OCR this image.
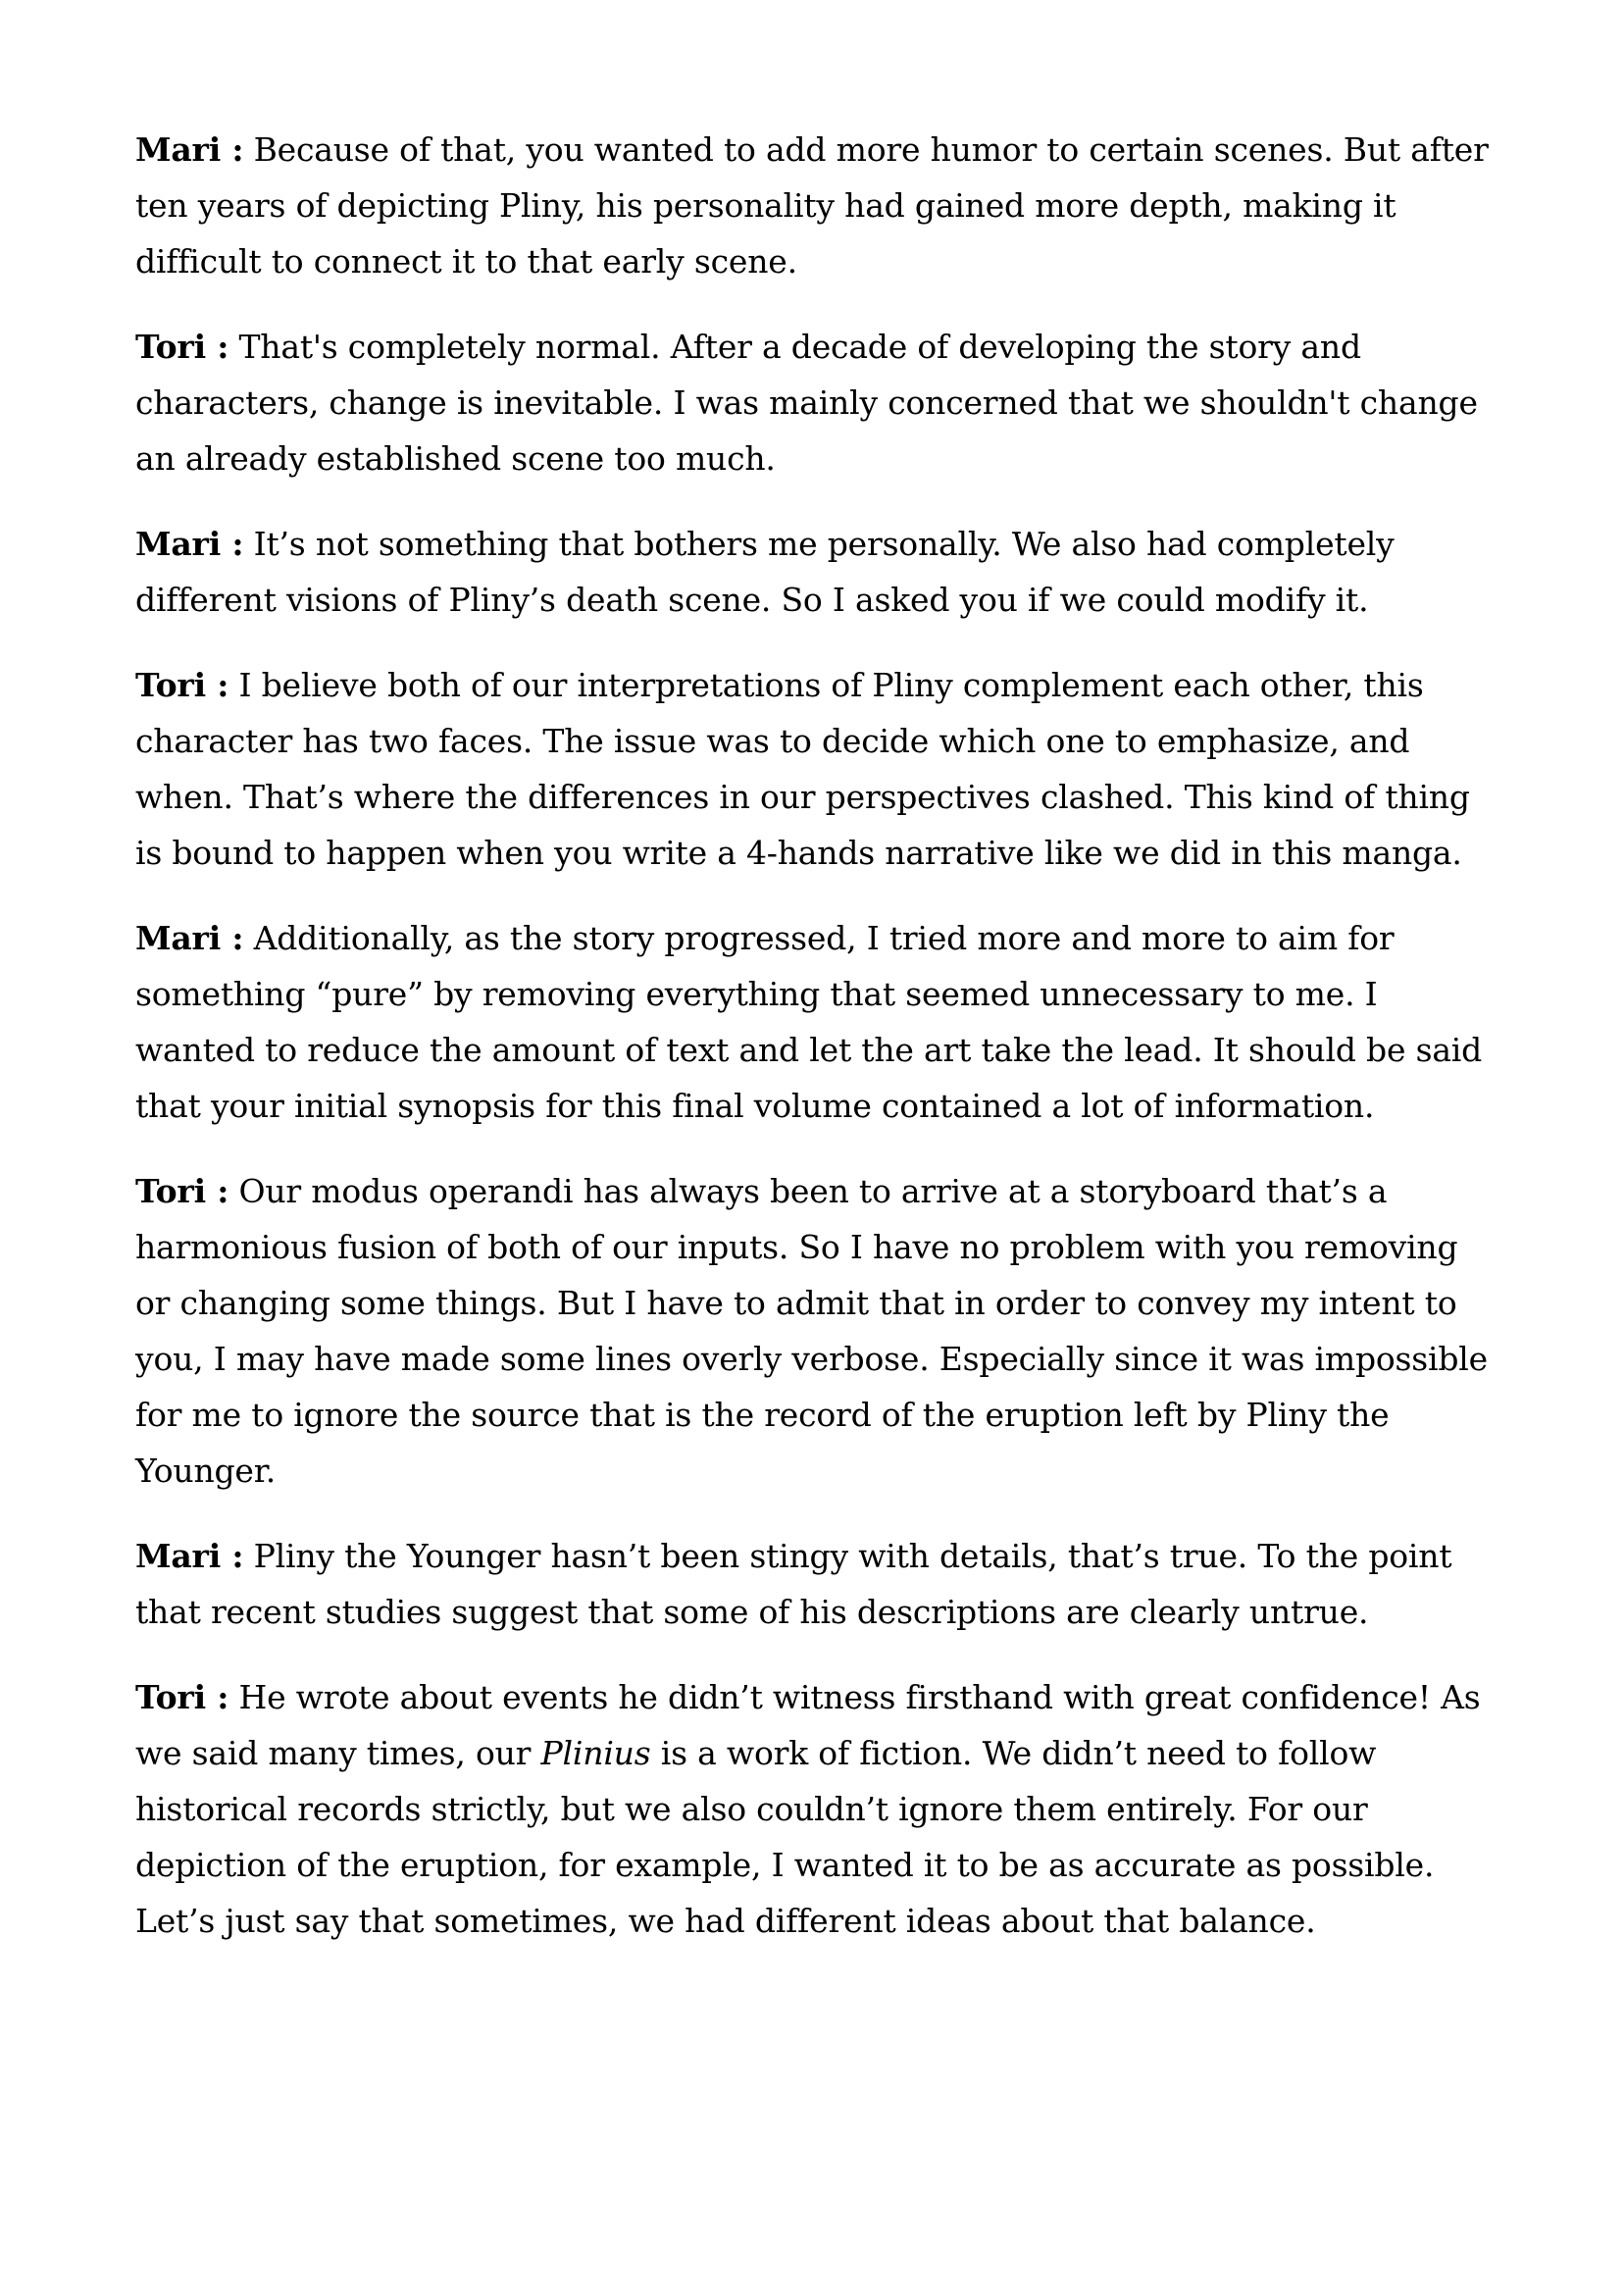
Mari : Because of that, you wanted to add more humor to certain scenes. But after ten years of depicting Pliny, his personality had gained more depth, making it difficult to connect it to that early scene.

Tori : That's completely normal. After a decade of developing the story and characters, change is inevitable. I was mainly concerned that we shouldn't change an already established scene too much.

Mari : It’s not something that bothers me personally. We also had completely different visions of Pliny’s death scene. So I asked you if we could modify it.

Tori : I believe both of our interpretations of Pliny complement each other, this character has two faces. The issue was to decide which one to emphasize, and when. That’s where the differences in our perspectives clashed. This kind of thing is bound to happen when you write a 4-hands narrative like we did in this manga.

Mari : Additionally, as the story progressed, I tried more and more to aim for something “pure” by removing everything that seemed unnecessary to me. I wanted to reduce the amount of text and let the art take the lead. It should be said that your initial synopsis for this final volume contained a lot of information.

Tori : Our modus operandi has always been to arrive at a storyboard that’s a harmonious fusion of both of our inputs. So I have no problem with you removing or changing some things. But I have to admit that in order to convey my intent to you, I may have made some lines overly verbose. Especially since it was impossible for me to ignore the source that is the record of the eruption left by Pliny the Younger.

Mari : Pliny the Younger hasn’t been stingy with details, that’s true. To the point that recent studies suggest that some of his descriptions are clearly untrue.

Tori : He wrote about events he didn’t witness firsthand with great confidence! As we said many times, our Plinius is a work of fiction. We didn’t need to follow historical records strictly, but we also couldn’t ignore them entirely. For our depiction of the eruption, for example, I wanted it to be as accurate as possible. Let’s just say that sometimes, we had different ideas about that balance.
